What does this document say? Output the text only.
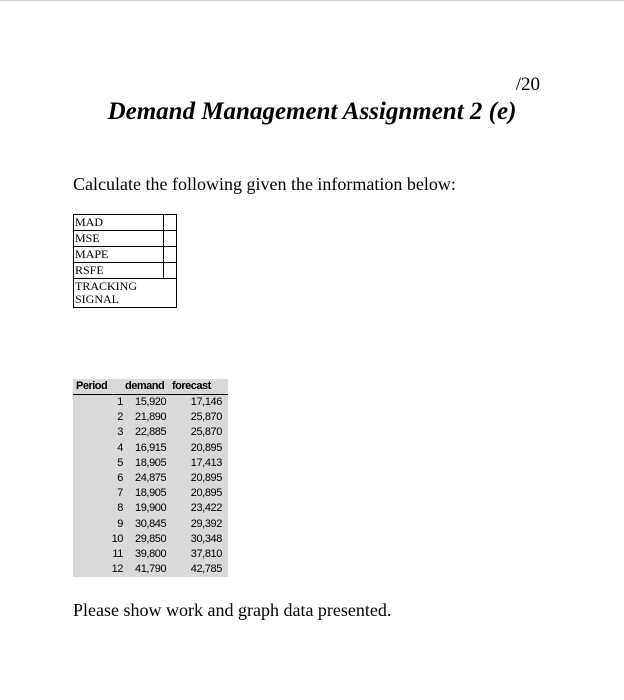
/20
Demand Management Assignment 2 (e)
Calculate the following given the information below:
MAD	
MSE	
MAPE	
RSFE	
TRACKING SIGNAL	
Period demand forecast
1 15,920 17,146
2 21,890 25,870
3 22,885 25,870
4 16,915 20,895
5 18,905 17,413
6 24,875 20,895
7 18,905 20,895
8 19,900 23,422
9 30,845 29,392
10 29,850 30,348
11 39,800 37,810
12 41,790 42,785
Please show work and graph data presented.
